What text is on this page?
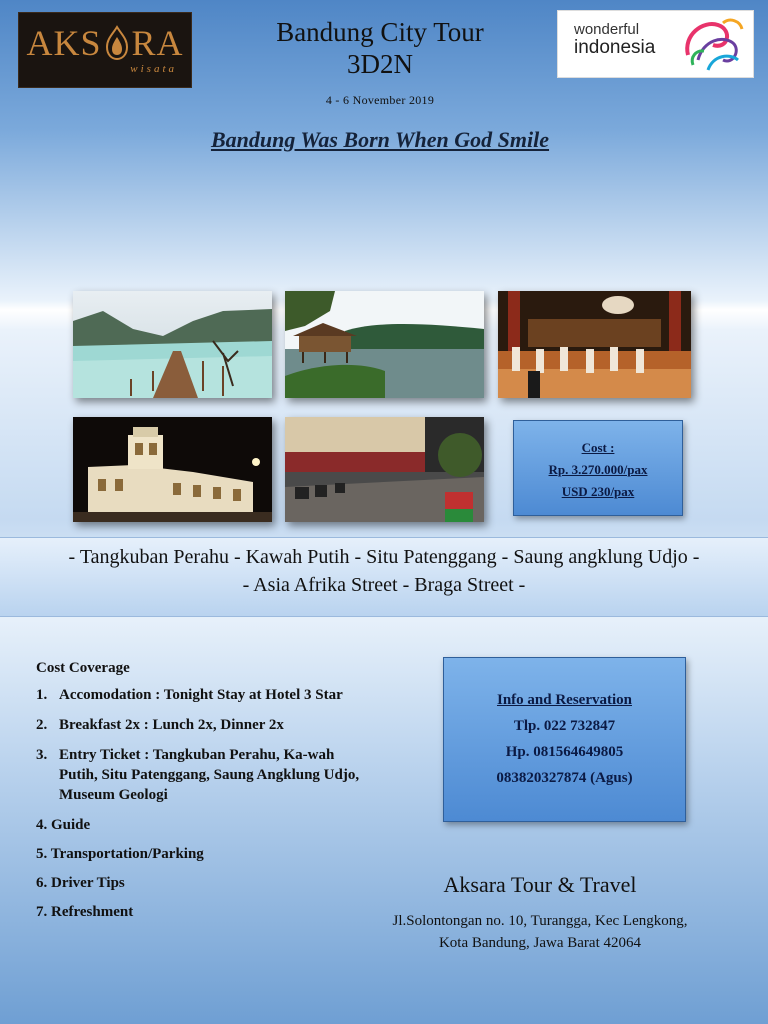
AKS RA
wisata
wonderful
indonesia
Bandung City Tour
3D2N
4 - 6 November 2019
Bandung Was Born When God Smile
Cost :
Rp. 3.270.000/pax
USD 230/pax
- Tangkuban Perahu - Kawah Putih - Situ Patenggang - Saung angklung Udjo -
- Asia Afrika Street - Braga Street -
Cost Coverage
1. Accomodation : Tonight Stay at Hotel 3 Star
2. Breakfast 2x : Lunch 2x, Dinner 2x
3. Entry Ticket : Tangkuban Perahu, Ka-wah Putih, Situ Patenggang, Saung Angklung Udjo, Museum Geologi
4. Guide
5. Transportation/Parking
6. Driver Tips
7. Refreshment
Info and Reservation
Tlp. 022 732847
Hp. 081564649805
083820327874 (Agus)
Aksara Tour & Travel
Jl.Solontongan no. 10, Turangga, Kec Lengkong,
Kota Bandung, Jawa Barat 42064
